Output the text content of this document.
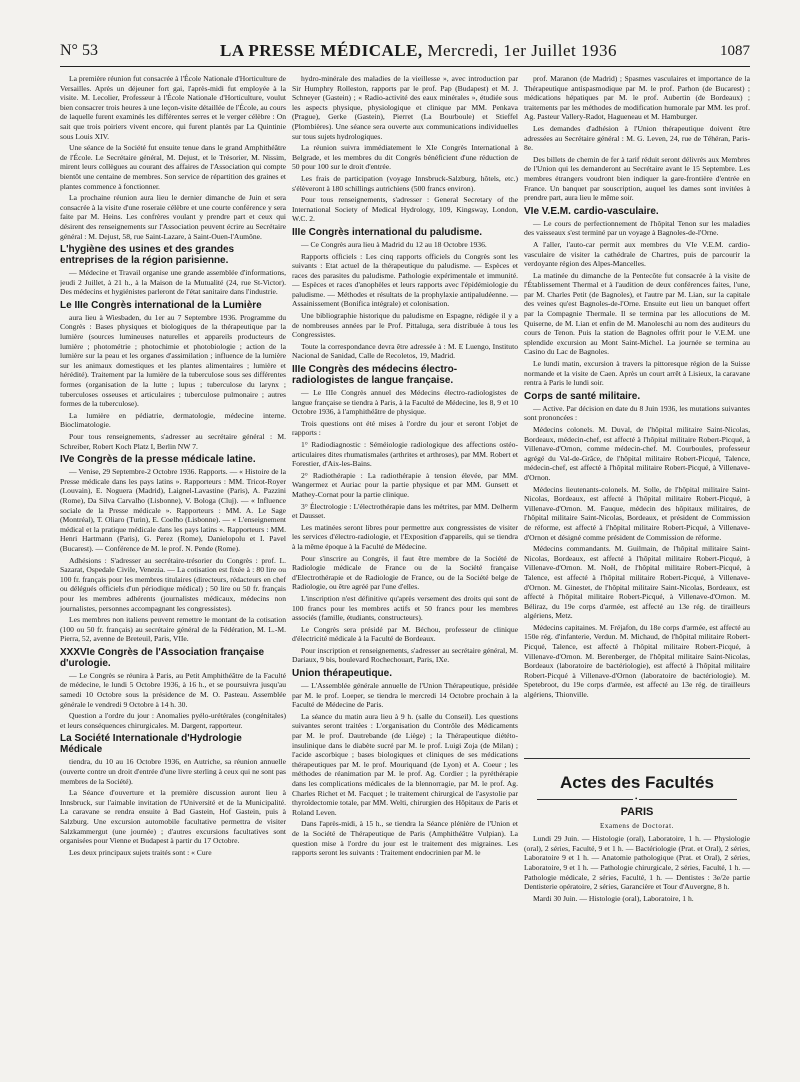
N° 53	LA PRESSE MÉDICALE, Mercredi, 1er Juillet 1936	1087

La première réunion fut consacrée à l'École Nationale d'Horticulture de Versailles. Après un déjeuner fort gai, l'après-midi fut employée à la visite. M. Lecolier, Professeur à l'École Nationale d'Horticulture, voulut bien consacrer trois heures à une leçon-visite détaillée de l'École, au cours de laquelle furent examinés les différentes serres et le verger célèbre : On sait que trois poiriers vivent encore, qui furent plantés par La Quintinie sous Louis XIV.

Une séance de la Société fut ensuite tenue dans le grand Amphithéâtre de l'École. Le Secrétaire général, M. Dejust, et le Trésorier, M. Nissim, mirent leurs collègues au courant des affaires de l'Association qui compte bientôt une centaine de membres. Son service de répartition des graines et plantes commence à fonctionner.

La prochaine réunion aura lieu le dernier dimanche de Juin et sera consacrée à la visite d'une roseraie célèbre et une courte conférence y sera faite par M. Heins. Les confrères voulant y prendre part et ceux qui désirent des renseignements sur l'Association peuvent écrire au Secrétaire général : M. Dejust, 58, rue Saint-Lazare, à Saint-Ouen-l'Aumône.

L'hygiène des usines et des grandes entreprises de la région parisienne.

— Médecine et Travail organise une grande assemblée d'informations, jeudi 2 Juillet, à 21 h., à la Maison de la Mutualité (24, rue St-Victor). Des médecins et hygiénistes parleront de l'état sanitaire dans l'industrie.

Le IIIe Congrès international de la Lumière

aura lieu à Wiesbaden, du 1er au 7 Septembre 1936. Programme du Congrès : Bases physiques et biologiques de la thérapeutique par la lumière (sources lumineuses naturelles et appareils producteurs de lumière ; photométrie ; photochimie et photobiologie ; action de la lumière sur la peau et les organes d'assimilation ; influence de la lumière sur les animaux domestiques et les plantes alimentaires ; lumière et hérédité). Traitement par la lumière de la tuberculose sous ses différentes formes (organisation de la lutte ; lupus ; tuberculose du larynx ; tuberculoses osseuses et articulaires ; tuberculose pulmonaire ; autres formes de la tuberculose).

La lumière en pédiatrie, dermatologie, médecine interne. Bioclimatologie.

Pour tous renseignements, s'adresser au secrétaire général : M. Schreiber, Robert Koch Platz I, Berlin NW 7.

IVe Congrès de la presse médicale latine.

— Venise, 29 Septembre-2 Octobre 1936. Rapports. — « Histoire de la Presse médicale dans les pays latins ». Rapporteurs : MM. Tricot-Royer (Louvain), E. Noguera (Madrid), Laignel-Lavastine (Paris), A. Pazzini (Rome), Da Silva Carvalho (Lisbonne), V. Bologa (Cluj). — « Influence sociale de la Presse médicale ». Rapporteurs : MM. A. Le Sage (Montréal), T. Oliaro (Turin), E. Coelho (Lisbonne). — « L'enseignement médical et la pratique médicale dans les pays latins ». Rapporteurs : MM. Henri Hartmann (Paris), G. Perez (Rome), Danielopolu et I. Pavel (Bucarest). — Conférence de M. le prof. N. Pende (Rome).

Adhésions : S'adresser au secrétaire-trésorier du Congrès : prof. L. Sazarat, Ospedale Civile, Venezia. — La cotisation est fixée à : 80 lire ou 100 fr. français pour les membres titulaires (directeurs, rédacteurs en chef ou délégués officiels d'un périodique médical) ; 50 lire ou 50 fr. français pour les membres adhérents (journalistes médicaux, médecins non journalistes, personnes accompagnant les congressistes).

Les membres non italiens peuvent remettre le montant de la cotisation (100 ou 50 fr. français) au secrétaire général de la Fédération, M. L.-M. Pierra, 52, avenne de Breteuil, Paris, VIIe.

XXXVIe Congrès de l'Association française d'urologie.

— Le Congrès se réunira à Paris, au Petit Amphithéâtre de la Faculté de médecine, le lundi 5 Octobre 1936, à 16 h., et se poursuivra jusqu'au samedi 10 Octobre sous la présidence de M. O. Pasteau. Assemblée générale le vendredi 9 Octobre à 14 h. 30.

Question a l'ordre du jour : Anomalies pyélo-urétérales (congénitales) et leurs conséquences chirurgicales. M. Dargent, rapporteur.

La Société Internationale d'Hydrologie Médicale

tiendra, du 10 au 16 Octobre 1936, en Autriche, sa réunion annuelle (ouverte contre un droit d'entrée d'une livre sterling à ceux qui ne sont pas membres de la Société).

La Séance d'ouverture et la première discussion auront lieu à Innsbruck, sur l'aimable invitation de l'Université et de la Municipalité. La caravane se rendra ensuite à Bad Gastein, Hof Gastein, puis à Salzburg. Une excursion automobile facultative permettra de visiter Salzkammergut (une journée) ; d'autres excursions facultatives sont organisées pour Vienne et Budapest à partir du 17 Octobre.

Les deux principaux sujets traités sont : « Cure

hydro-minérale des maladies de la vieillesse », avec introduction par Sir Humphry Rolleston, rapports par le prof. Pap (Budapest) et M. J. Schneyer (Gastein) ; « Radio-activité des eaux minérales », étudiée sous les aspects physique, physiologique et clinique par MM. Penkava (Prague), Gerke (Gastein), Pierret (La Bourboule) et Stieffel (Plombières). Une séance sera ouverte aux communications individuelles sur tous sujets hydrologiques.

La réunion suivra immédiatement le XIe Congrès International à Belgrade, et les membres du dit Congrès bénéficient d'une réduction de 50 pour 100 sur le droit d'entrée.

Les frais de participation (voyage Innsbruck-Salzburg, hôtels, etc.) s'élèveront à 180 schillings autrichiens (500 francs environ).

Pour tous renseignements, s'adresser : General Secretary of the International Society of Medical Hydrology, 109, Kingsway, London, W.C. 2.

IIIe Congrès international du paludisme.

— Ce Congrès aura lieu à Madrid du 12 au 18 Octobre 1936.

Rapports officiels : Les cinq rapports officiels du Congrès sont les suivants : Etat actuel de la thérapeutique du paludisme. — Espèces et races des parasites du paludisme. Pathologie expérimentale et immunité. — Espèces et races d'anophèles et leurs rapports avec l'épidémiologie du paludisme. — Méthodes et résultats de la prophylaxie antipaludéenne. — Assainissement (Bonifica intégrale) et colonisation.

Une bibliographie historique du paludisme en Espagne, rédigée il y a de nombreuses années par le Prof. Pittaluga, sera distribuée à tous les Congressistes.

Toute la correspondance devra être adressée à : M. E Luengo, Instituto Nacional de Sanidad, Calle de Recoletos, 19, Madrid.

IIIe Congrès des médecins électro-radiologistes de langue française.

— Le IIIe Congrès annuel des Médecins électro-radiologistes de langue française se tiendra à Paris, à la Faculté de Médecine, les 8, 9 et 10 Octobre 1936, à l'amphithéâtre de physique.

Trois questions ont été mises à l'ordre du jour et seront l'objet de rapports :

1° Radiodiagnostic : Séméiologie radiologique des affections ostéo-articulaires dites rhumatismales (arthrites et arthroses), par MM. Robert et Forestier, d'Aix-les-Bains.

2° Radiothérapie : La radiothérapie à tension élevée, par MM. Wangermez et Auriac pour la partie physique et par MM. Gunsett et Mathey-Cornat pour la partie clinique.

3° Électrologie : L'électrothérapie dans les métrites, par MM. Delherm et Dausset.

Les matinées seront libres pour permettre aux congressistes de visiter les services d'électro-radiologie, et l'Exposition d'appareils, qui se tiendra à la même époque à la Faculté de Médecine.

Pour s'inscrire au Congrès, il faut être membre de la Société de Radiologie médicale de France ou de la Société française d'Electrothérapie et de Radiologie de France, ou de la Société belge de Radiologie, ou être agréé par l'une d'elles.

L'inscription n'est définitive qu'après versement des droits qui sont de 100 francs pour les membres actifs et 50 francs pour les membres associés (famille, étudiants, constructeurs).

Le Congrès sera présidé par M. Béchou, professeur de clinique d'électricité médicale à la Faculté de Bordeaux.

Pour inscription et renseignements, s'adresser au secrétaire général, M. Dariaux, 9 bis, boulevard Rochechouart, Paris, IXe.

Union thérapeutique.

— L'Assemblée générale annuelle de l'Union Thérapeutique, présidée par M. le prof. Loeper, se tiendra le mercredi 14 Octobre prochain à la Faculté de Médecine de Paris.

La séance du matin aura lieu à 9 h. (salle du Conseil). Les questions suivantes seront traitées : L'organisation du Contrôle des Médicaments par M. le prof. Dautrebande (de Liège) ; la Thérapeutique diététo-insulinique dans le diabète sucré par M. le prof. Luigi Zoja (de Milan) ; l'acide ascorbique ; bases biologiques et cliniques de ses médications thérapeutiques par M. le prof. Mouriquand (de Lyon) et A. Coeur ; les méthodes de réanimation par M. le prof. Ag. Cordier ; la pyréthérapie dans les complications médicales de la blennorragie, par M. le prof. Ag. Charles Richet et M. Facquet ; le traitement chirurgical de l'asystolie par thyroïdectomie totale, par MM. Welti, chirurgien des Hôpitaux de Paris et Roland Leven.

Dans l'après-midi, à 15 h., se tiendra la Séance plénière de l'Union et de la Société de Thérapeutique de Paris (Amphithéâtre Vulpian). La question mise à l'ordre du jour est le traitement des migraines. Les rapports seront les suivants : Traitement endocrinien par M. le

prof. Maranon (de Madrid) ; Spasmes vasculaires et importance de la Thérapeutique antispasmodique par M. le prof. Parhon (de Bucarest) ; médications hépatiques par M. le prof. Aubertin (de Bordeaux) ; traitements par les méthodes de modification humorale par MM. les prof. Ag. Pasteur Vallery-Radot, Hagueneau et M. Hamburger.

Les demandes d'adhésion à l'Union thérapeutique doivent être adressées au Secrétaire général : M. G. Leven, 24, rue de Téhéran, Paris-8e.

Des billets de chemin de fer à tarif réduit seront délivrés aux Membres de l'Union qui les demanderont au Secrétaire avant le 15 Septembre. Les membres étrangers voudront bien indiquer la gare-frontière d'entrée en France. Un banquet par souscription, auquel les dames sont invitées à prendre part, aura lieu le même soir.

VIe V.E.M. cardio-vasculaire.

— Le cours de perfectionnement de l'hôpital Tenon sur les maladies des vaisseaux s'est terminé par un voyage à Bagnoles-de-l'Orne.

A l'aller, l'auto-car permit aux membres du VIe V.E.M. cardio-vasculaire de visiter la cathédrale de Chartres, puis de parcourir la verdoyante région des Alpes-Mancelles.

La matinée du dimanche de la Pentecôte fut consacrée à la visite de l'Établissement Thermal et à l'audition de deux conférences faites, l'une, par M. Charles Petit (de Bagnoles), et l'autre par M. Lian, sur la capitale des veines qu'est Bagnoles-de-l'Orne. Ensuite eut lieu un banquet offert par la Compagnie Thermale. Il se termina par les allocutions de M. Quiserne, de M. Lian et enfin de M. Manoleschi au nom des auditeurs du cours de Tenon. Puis la station de Bagnoles offrit pour le V.E.M. une splendide excursion au Mont Saint-Michel. La journée se termina au Casino du Lac de Bagnoles.

Le lundi matin, excursion à travers la pittoresque région de la Suisse normande et la visite de Caen. Après un court arrêt à Lisieux, la caravane rentra à Paris le lundi soir.

Corps de santé militaire.

— Active. Par décision en date du 8 Juin 1936, les mutations suivantes sont prononcées :

Médecins colonels. M. Duval, de l'hôpital militaire Saint-Nicolas, Bordeaux, médecin-chef, est affecté à l'hôpital militaire Robert-Picqué, à Villenave-d'Ornon, comme médecin-chef. M. Courboules, professeur agrégé du Val-de-Grâce, de l'hôpital militaire Robert-Picqué, Talence, médecin-chef, est affecté à l'hôpital militaire Robert-Picqué, à Villenave-d'Ornon.

Médecins lieutenants-colonels. M. Solle, de l'hôpital militaire Saint-Nicolas, Bordeaux, est affecté à l'hôpital militaire Robert-Picqué, à Villenave-d'Ornon. M. Fauque, médecin des hôpitaux militaires, de l'hôpital militaire Saint-Nicolas, Bordeaux, et président de Commission de réforme, est affecté à l'hôpital militaire Robert-Picqué, à Villenave-d'Ornon et désigné comme président de Commission de réforme.

Médecins commandants. M. Guilmain, de l'hôpital militaire Saint-Nicolas, Bordeaux, est affecté à l'hôpital militaire Robert-Picqué, à Villenave-d'Ornon. M. Noël, de l'hôpital militaire Robert-Picqué, à Talence, est affecté à l'hôpital militaire Robert-Picqué, à Villenave-d'Ornon. M. Ginestet, de l'hôpital militaire Saint-Nicolas, Bordeaux, est affecté à l'hôpital militaire Robert-Picqué, à Villenave-d'Ornon. M. Béliraz, du 19e corps d'armée, est affecté au 13e rég. de tirailleurs algériens, Metz.

Médecins capitaines. M. Fréjafon, du 18e corps d'armée, est affecté au 150e rég. d'infanterie, Verdun. M. Michaud, de l'hôpital militaire Robert-Picqué, Talence, est affecté à l'hôpital militaire Robert-Picqué, à Villenave-d'Ornon. M. Berenberger, de l'hôpital militaire Saint-Nicolas, Bordeaux (laboratoire de bactériologie), est affecté à l'hôpital militaire Robert-Picqué à Villenave-d'Ornon (laboratoire de bactériologie). M. Spetebroot, du 19e corps d'armée, est affecté au 13e rég. de tirailleurs algériens, Thionville.

Actes des Facultés
•
PARIS
Examens de Doctorat.

Lundi 29 Juin. — Histologie (oral), Laboratoire, 1 h. — Physiologie (oral), 2 séries, Faculté, 9 et 1 h. — Bactériologie (Prat. et Oral), 2 séries, Laboratoire 9 et 1 h. — Anatomie pathologique (Prat. et Oral), 2 séries, Laboratoire, 9 et 1 h. — Pathologie chirurgicale, 2 séries, Faculté, 1 h. — Pathologie médicale, 2 séries, Faculté, 1 h. — Dentistes : 3e/2e partie Dentisterie opératoire, 2 séries, Garancière et Tour d'Auvergne, 8 h.

Mardi 30 Juin. — Histologie (oral), Laboratoire, 1 h.
